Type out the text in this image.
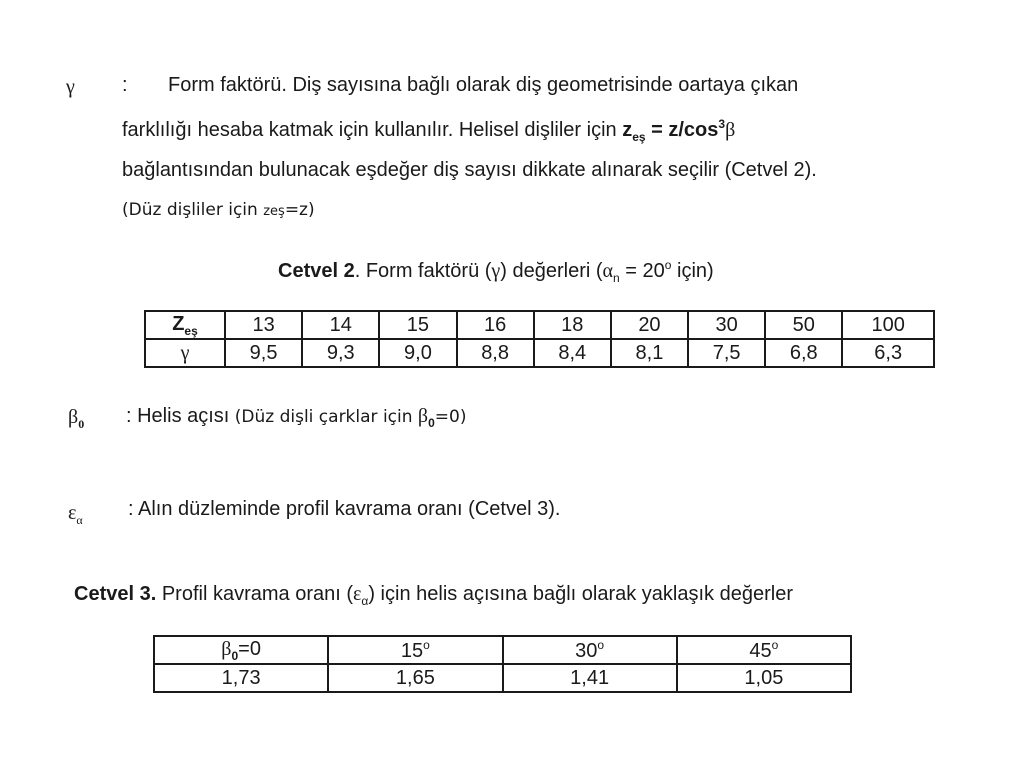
γ : Form faktörü. Diş sayısına bağlı olarak diş geometrisinde oartaya çıkan
farklılığı hesaba katmak için kullanılır. Helisel dişliler için $z_{eş} = z/\cos^3\beta$
bağlantısından bulunacak eşdeğer diş sayısı dikkate alınarak seçilir (Cetvel 2).
(Düz dişliler için zeş=z)
Cetvel 2. Form faktörü (γ) değerleri ($\alpha_n = 20^o$ için)
$Z_{eş}$	13	14	15	16	18	20	30	50	100
γ	9,5	9,3	9,0	8,8	8,4	8,1	7,5	6,8	6,3
$\beta_0$ : Helis açısı (Düz dişli çarklar için $\beta_0=0$)
$\varepsilon_\alpha$ : Alın düzleminde profil kavrama oranı (Cetvel 3).
Cetvel 3. Profil kavrama oranı $(\varepsilon_\alpha)$ için helis açısına bağlı olarak yaklaşık değerler
$\beta_0=0$	15$^o$	30$^o$	45$^o$
1,73	1,65	1,41	1,05
